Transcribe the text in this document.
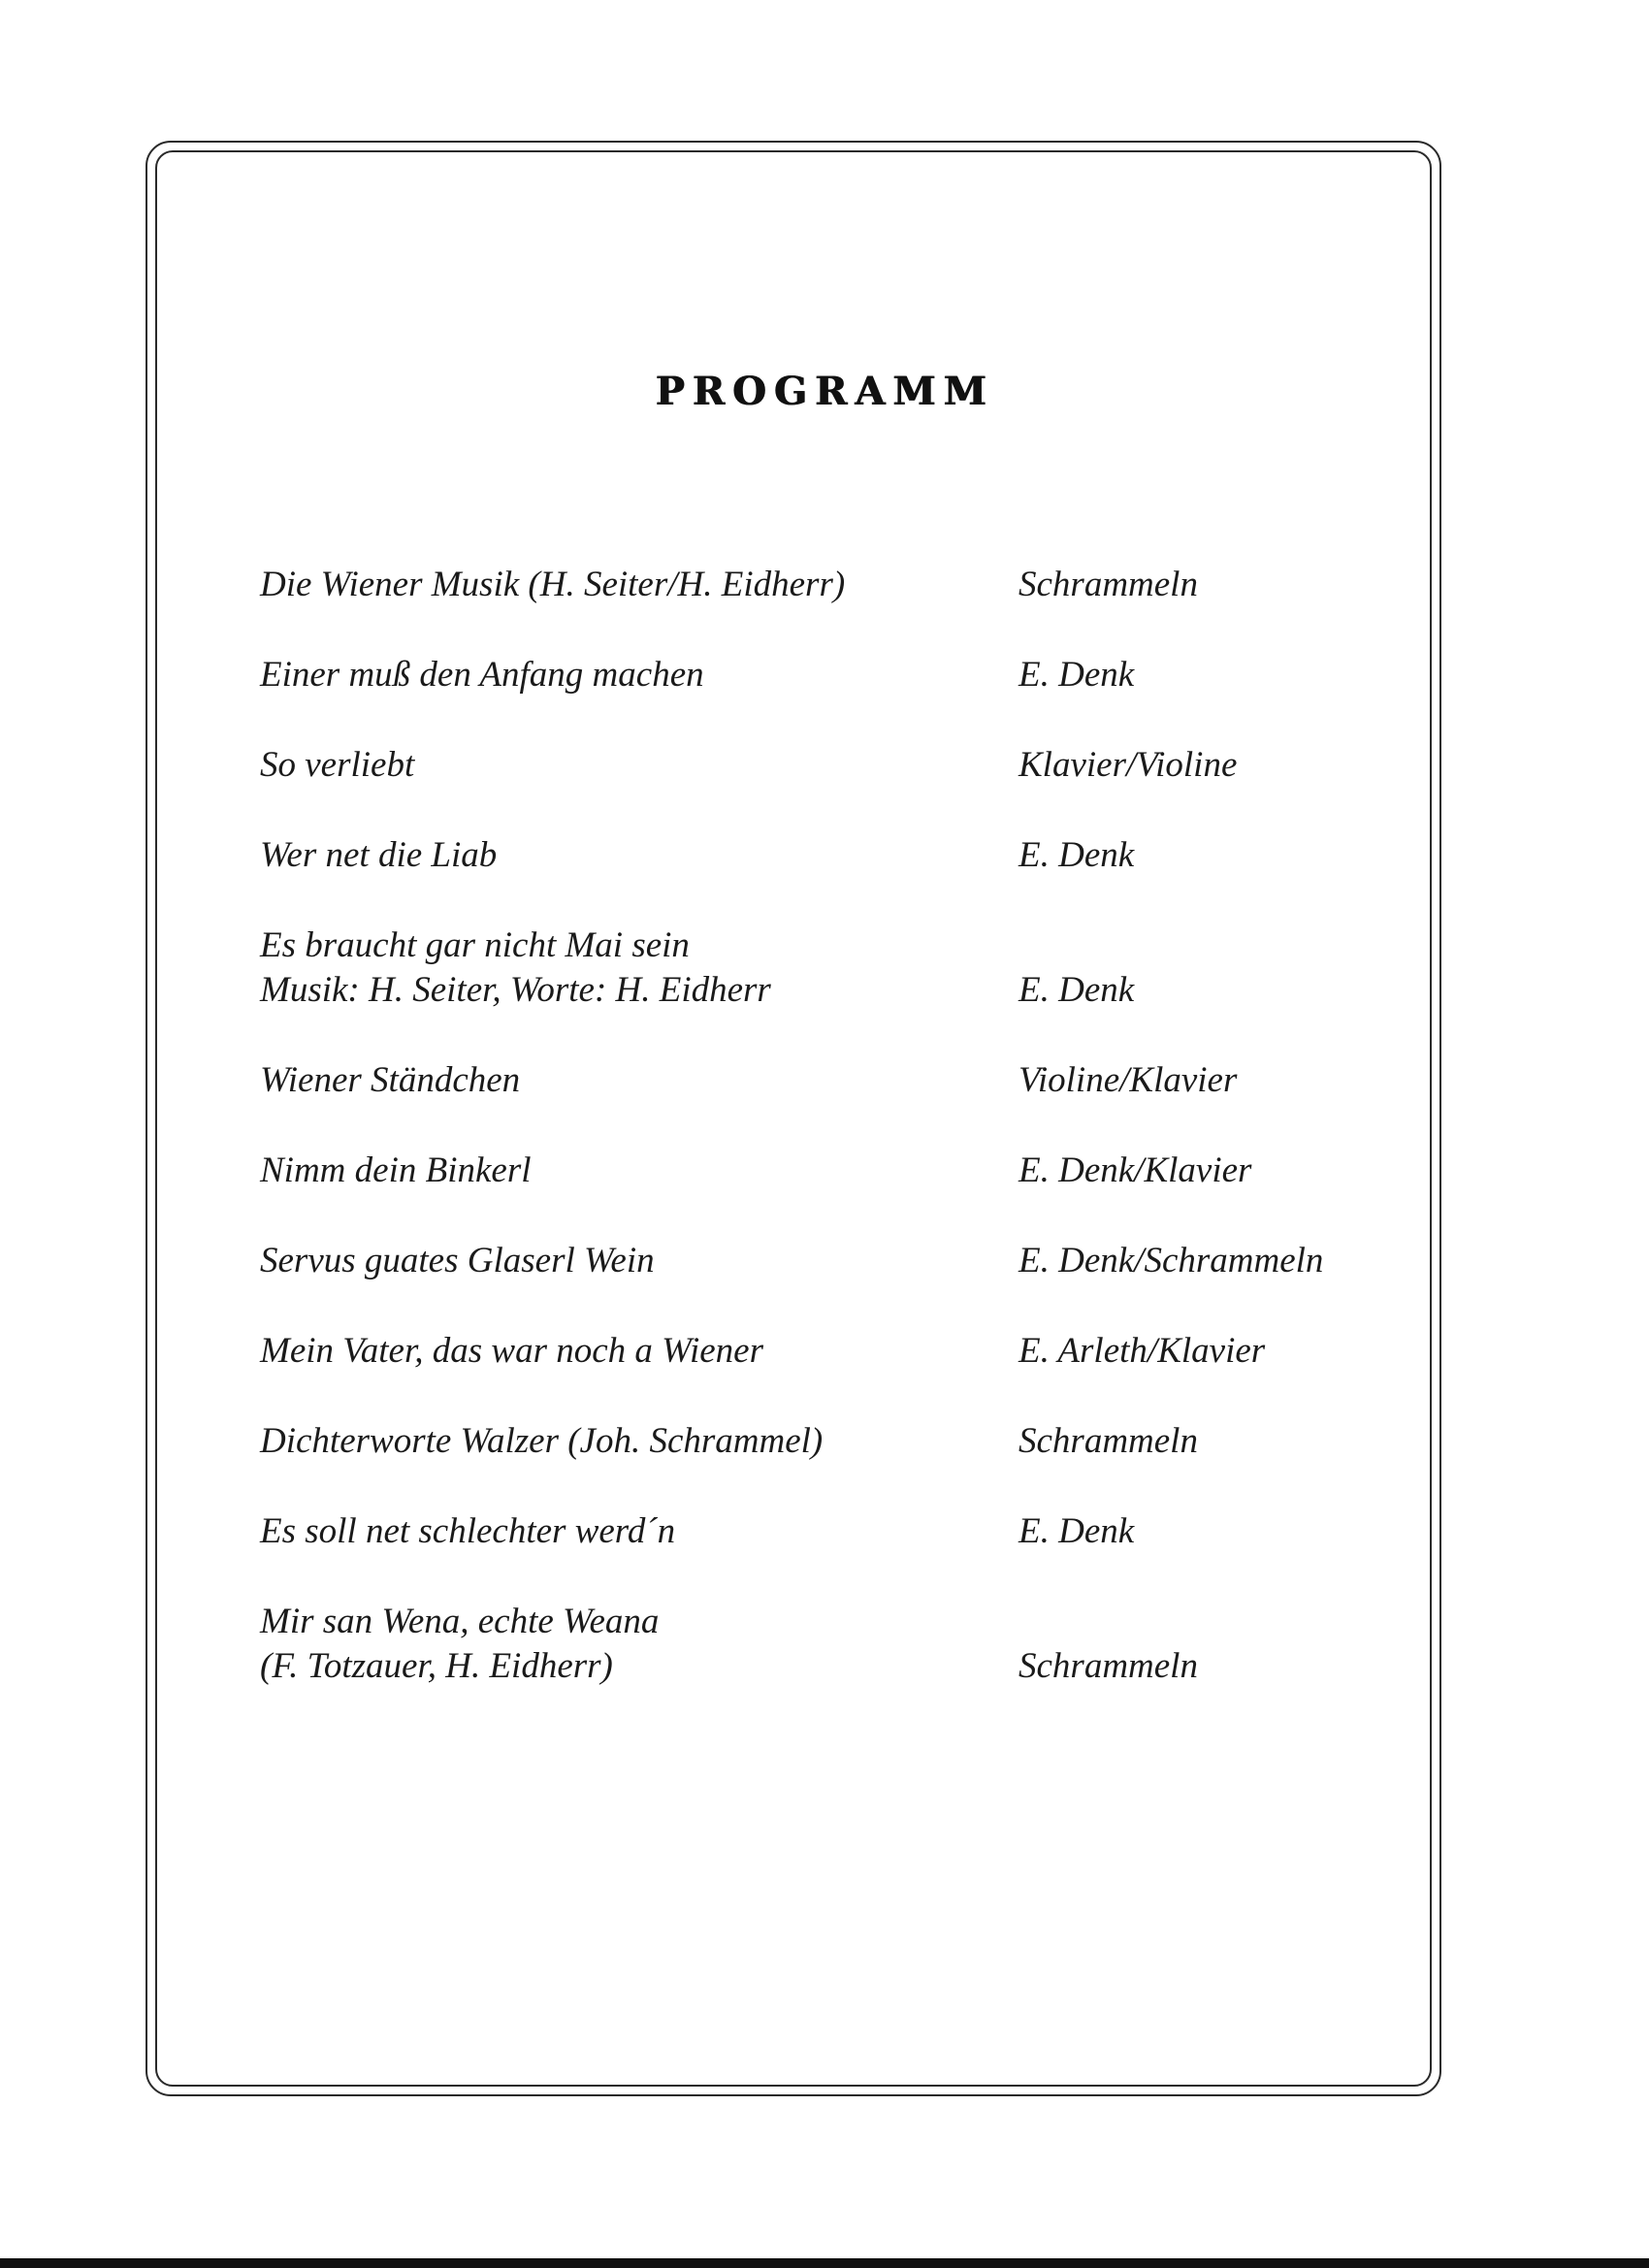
PROGRAMM
Die Wiener Musik (H. Seiter/H. Eidherr)	Schrammeln
Einer muß den Anfang machen	E. Denk
So verliebt	Klavier/Violine
Wer net die Liab	E. Denk
Es braucht gar nicht Mai sein
Musik: H. Seiter, Worte: H. Eidherr	E. Denk
Wiener Ständchen	Violine/Klavier
Nimm dein Binkerl	E. Denk/Klavier
Servus guates Glaserl Wein	E. Denk/Schrammeln
Mein Vater, das war noch a Wiener	E. Arleth/Klavier
Dichterworte Walzer (Joh. Schrammel)	Schrammeln
Es soll net schlechter werd´n	E. Denk
Mir san Wena, echte Weana
(F. Totzauer, H. Eidherr)	Schrammeln
